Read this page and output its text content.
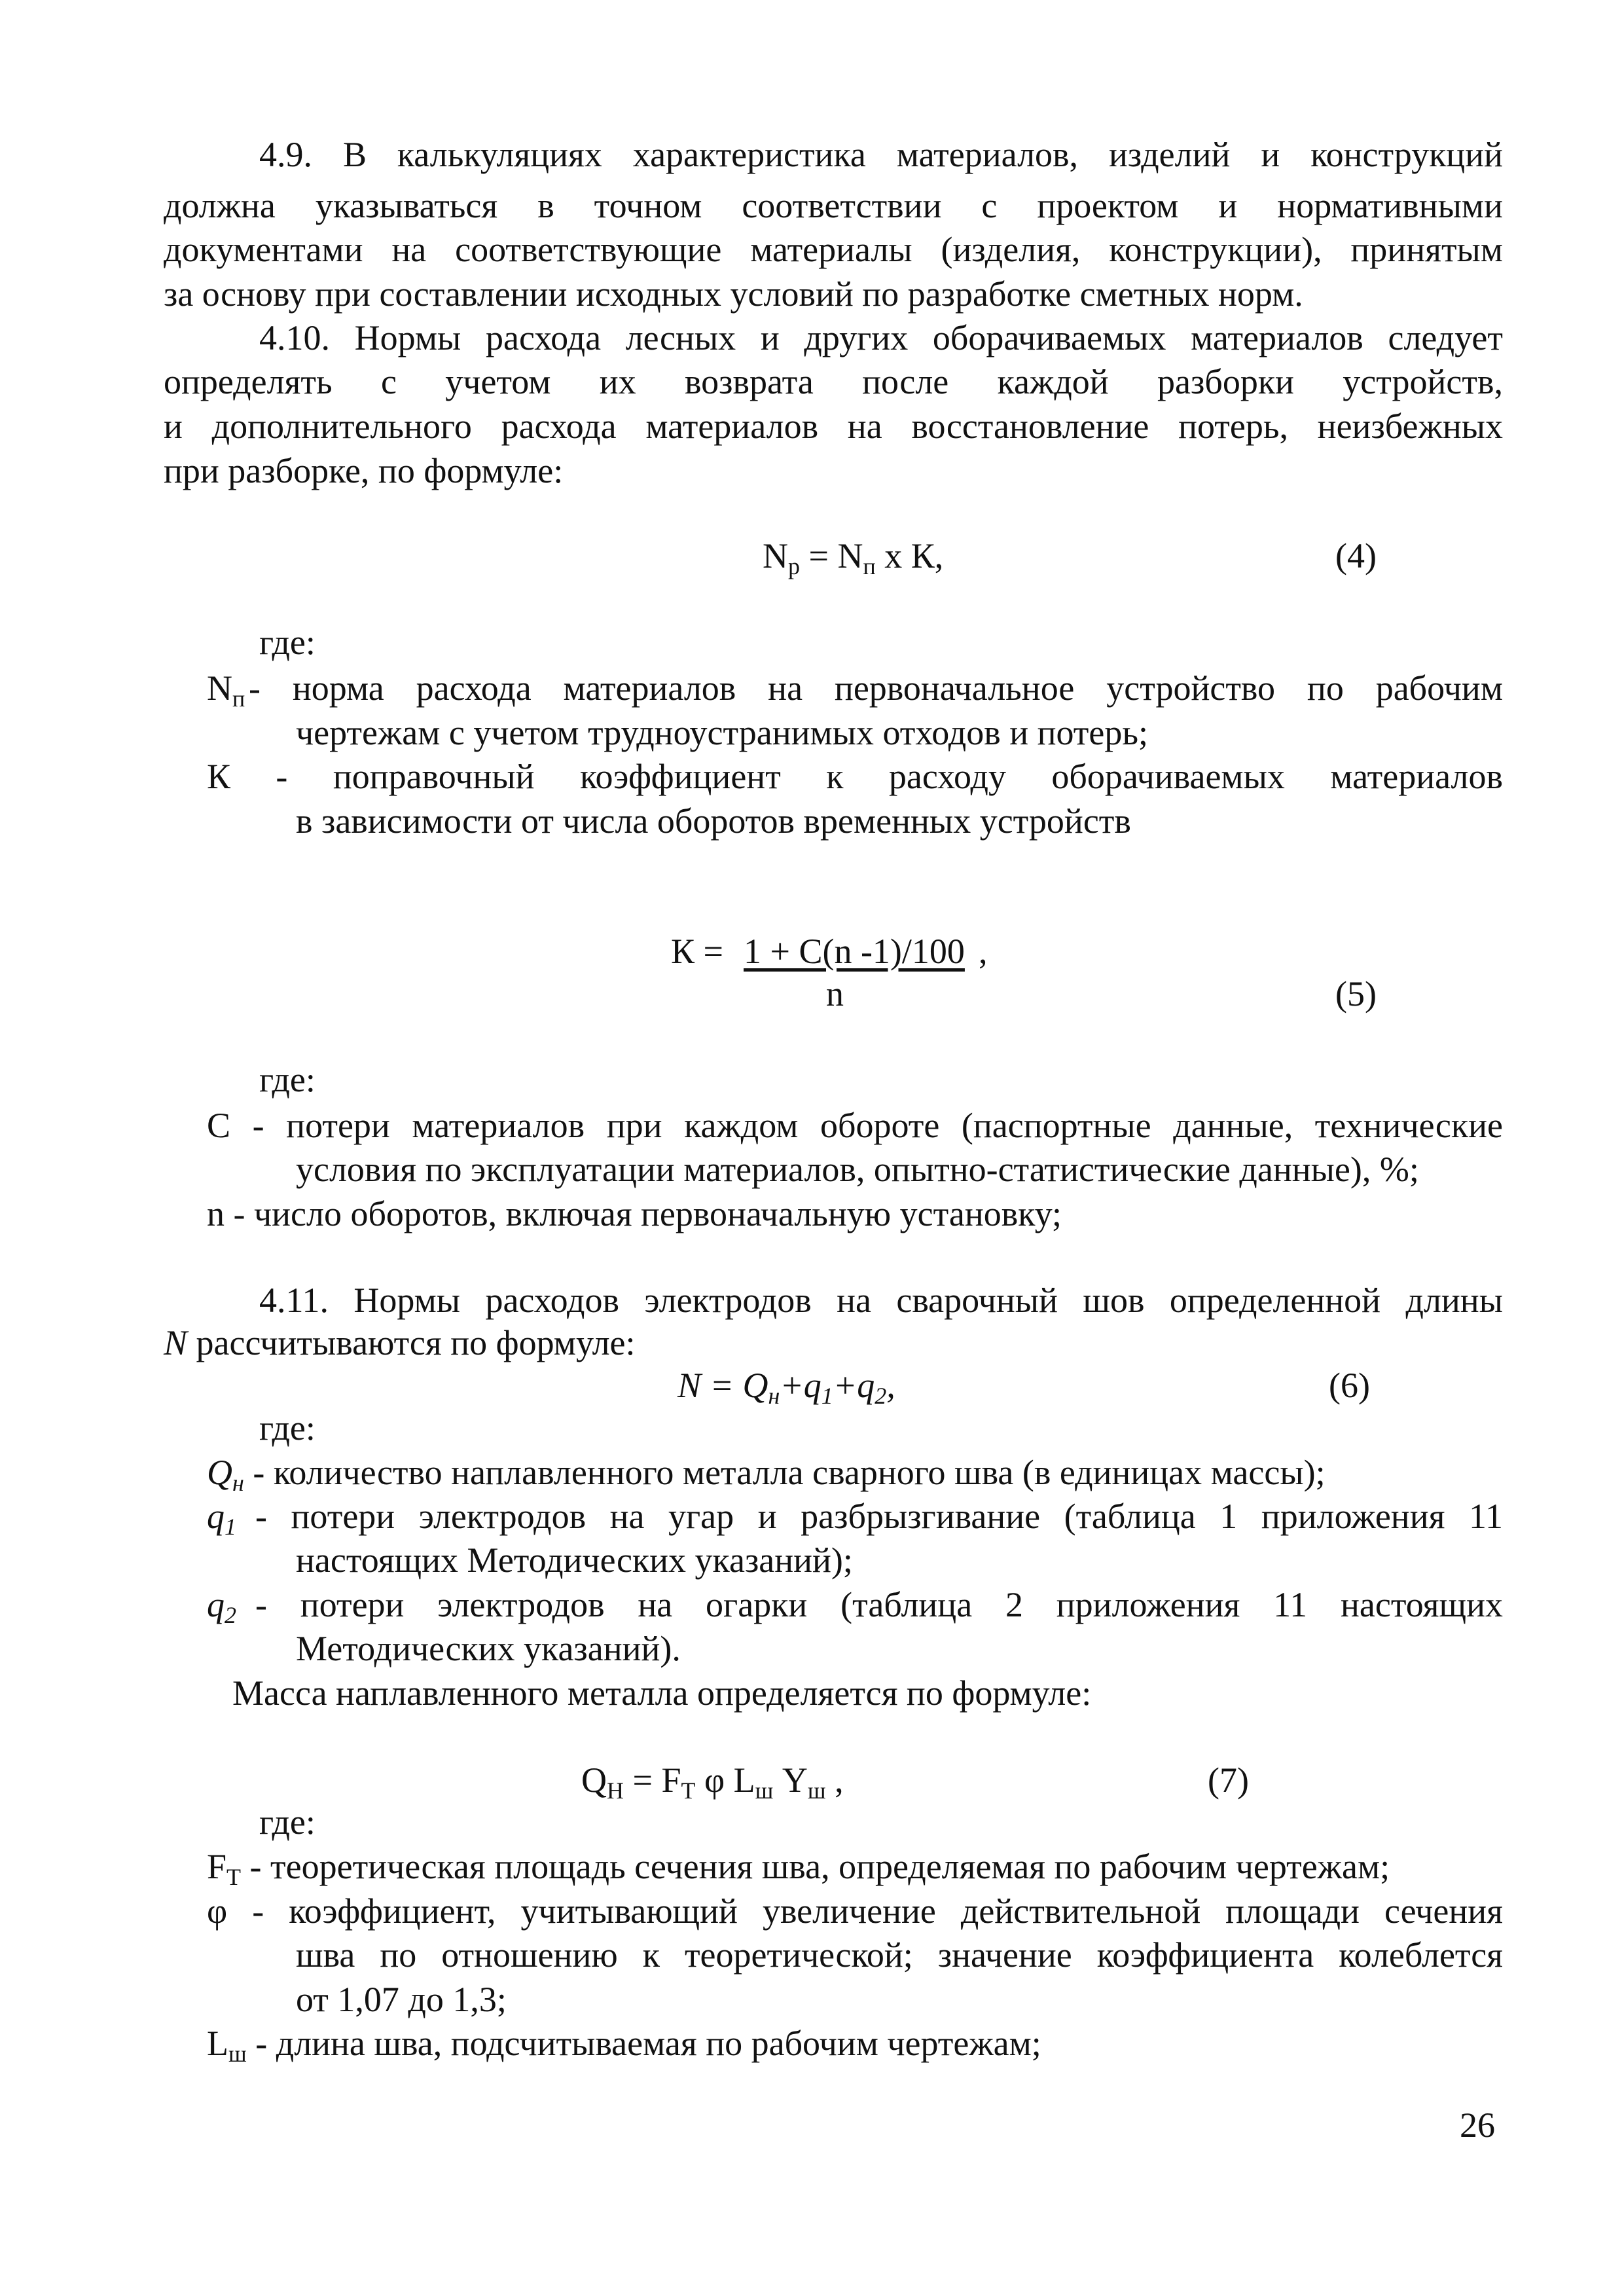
4.9. В калькуляциях характеристика материалов, изделий и конструкций
должна указываться в точном соответствии с проектом и нормативными
документами на соответствующие материалы (изделия, конструкции), принятым
за основу при составлении исходных условий по разработке сметных норм.
4.10. Нормы расхода лесных и других оборачиваемых материалов следует
определять с учетом их возврата после каждой разборки устройств,
и дополнительного расхода материалов на восстановление потерь, неизбежных
при разборке, по формуле:
$N_р = N_п$ х К,	(4)
где:
$N_п$ - норма расхода материалов на первоначальное устройство по рабочим
чертежам с учетом трудноустранимых отходов и потерь;
К - поправочный коэффициент к расходу оборачиваемых материалов
в зависимости от числа оборотов временных устройств
К = 1 + С(n -1)/100 ,
n	(5)
где:
С - потери материалов при каждом обороте (паспортные данные, технические
условия по эксплуатации материалов, опытно-статистические данные), %;
n - число оборотов, включая первоначальную установку;
4.11. Нормы расходов электродов на сварочный шов определенной длины
N рассчитываются по формуле:
$N = Q_н+q_1+q_2$,	(6)
где:
$Q_н$ - количество наплавленного металла сварного шва (в единицах массы);
$q_1$ - потери электродов на угар и разбрызгивание (таблица 1 приложения 11
настоящих Методических указаний);
$q_2$ - потери электродов на огарки (таблица 2 приложения 11 настоящих
Методических указаний).
Масса наплавленного металла определяется по формуле:
$Q_Н = F_Т$ φ $L_ш$ $Y_ш$ ,	(7)
где:
$F_Т$ - теоретическая площадь сечения шва, определяемая по рабочим чертежам;
φ - коэффициент, учитывающий увеличение действительной площади сечения
шва по отношению к теоретической; значение коэффициента колеблется
от 1,07 до 1,3;
$L_ш$ - длина шва, подсчитываемая по рабочим чертежам;
26
